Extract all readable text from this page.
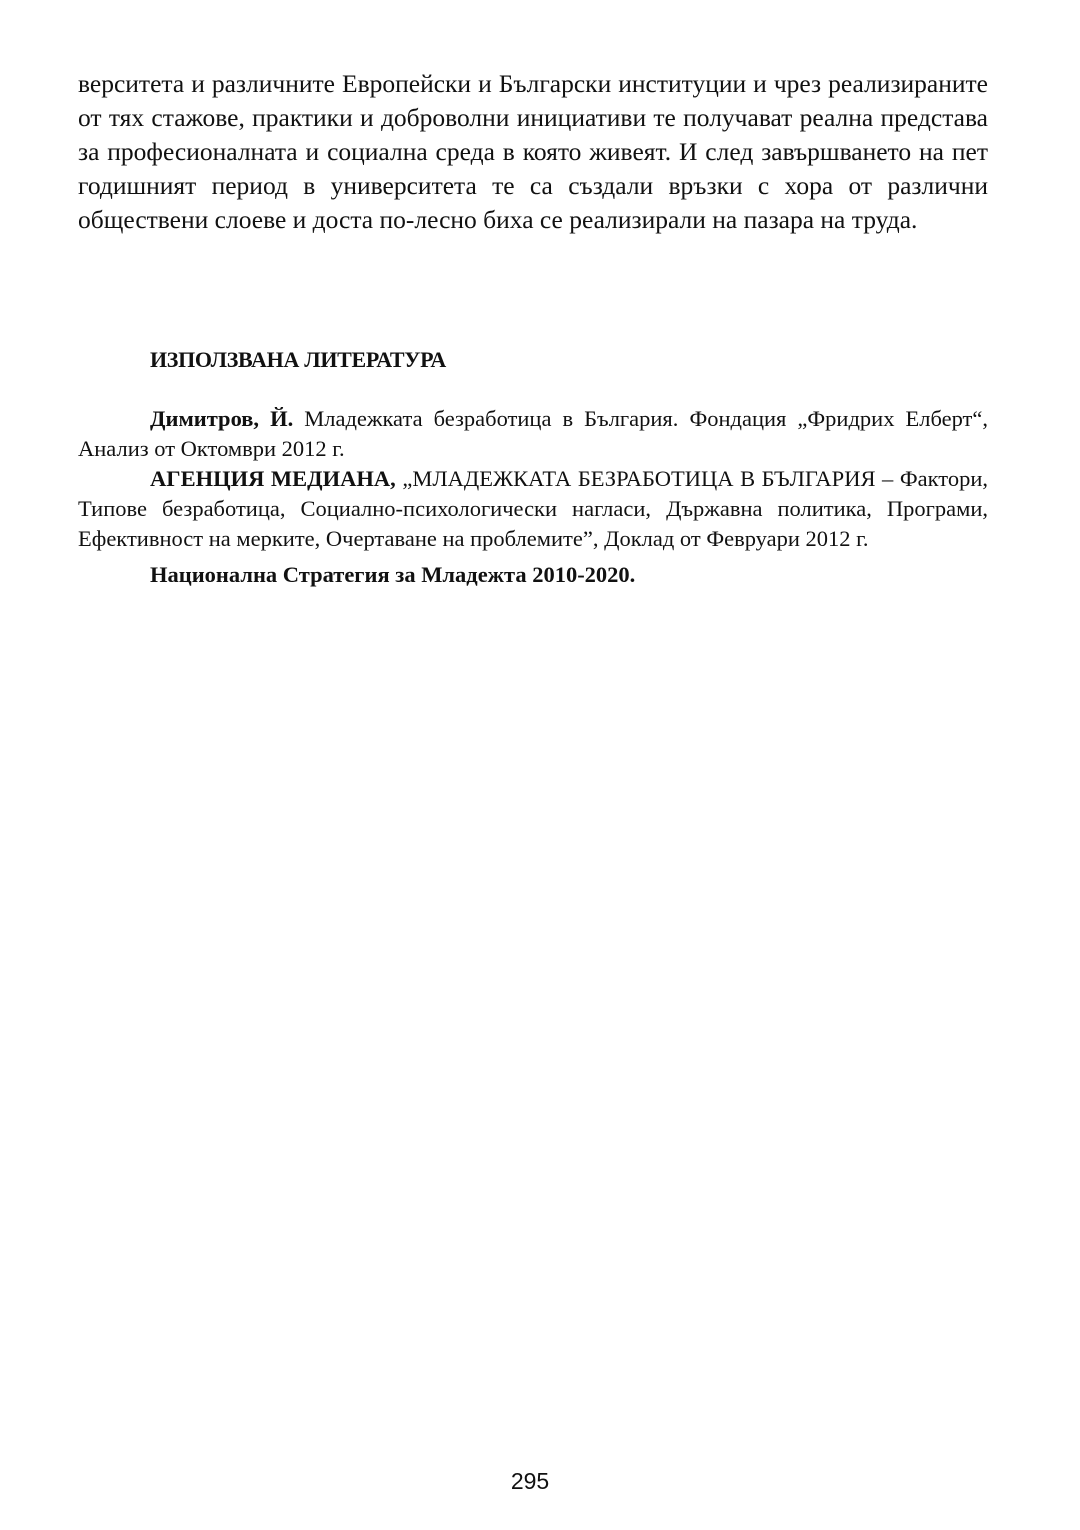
верситета и различните Европейски и Български институции и чрез реализираните от тях стажове, практики и доброволни инициативи те получават реална представа за професионалната и социална среда в която живеят. И след завършването на пет годишният период в университета те са създали връзки с хора от различни обществени слоеве и доста по-лесно биха се реализирали на пазара на труда.

ИЗПОЛЗВАНА ЛИТЕРАТУРА

Димитров, Й. Младежката безработица в България. Фондация „Фридрих Елберт“, Анализ от Октомври 2012 г.

АГЕНЦИЯ МЕДИАНА, „МЛАДЕЖКАТА БЕЗРАБОТИЦА В БЪЛГАРИЯ – Фактори, Типове безработица, Социално-психологически нагласи, Държавна политика, Програми, Ефективност на мерките, Очертаване на проблемите”, Доклад от Февруари 2012 г.

Национална Стратегия за Младежта 2010-2020.

295
